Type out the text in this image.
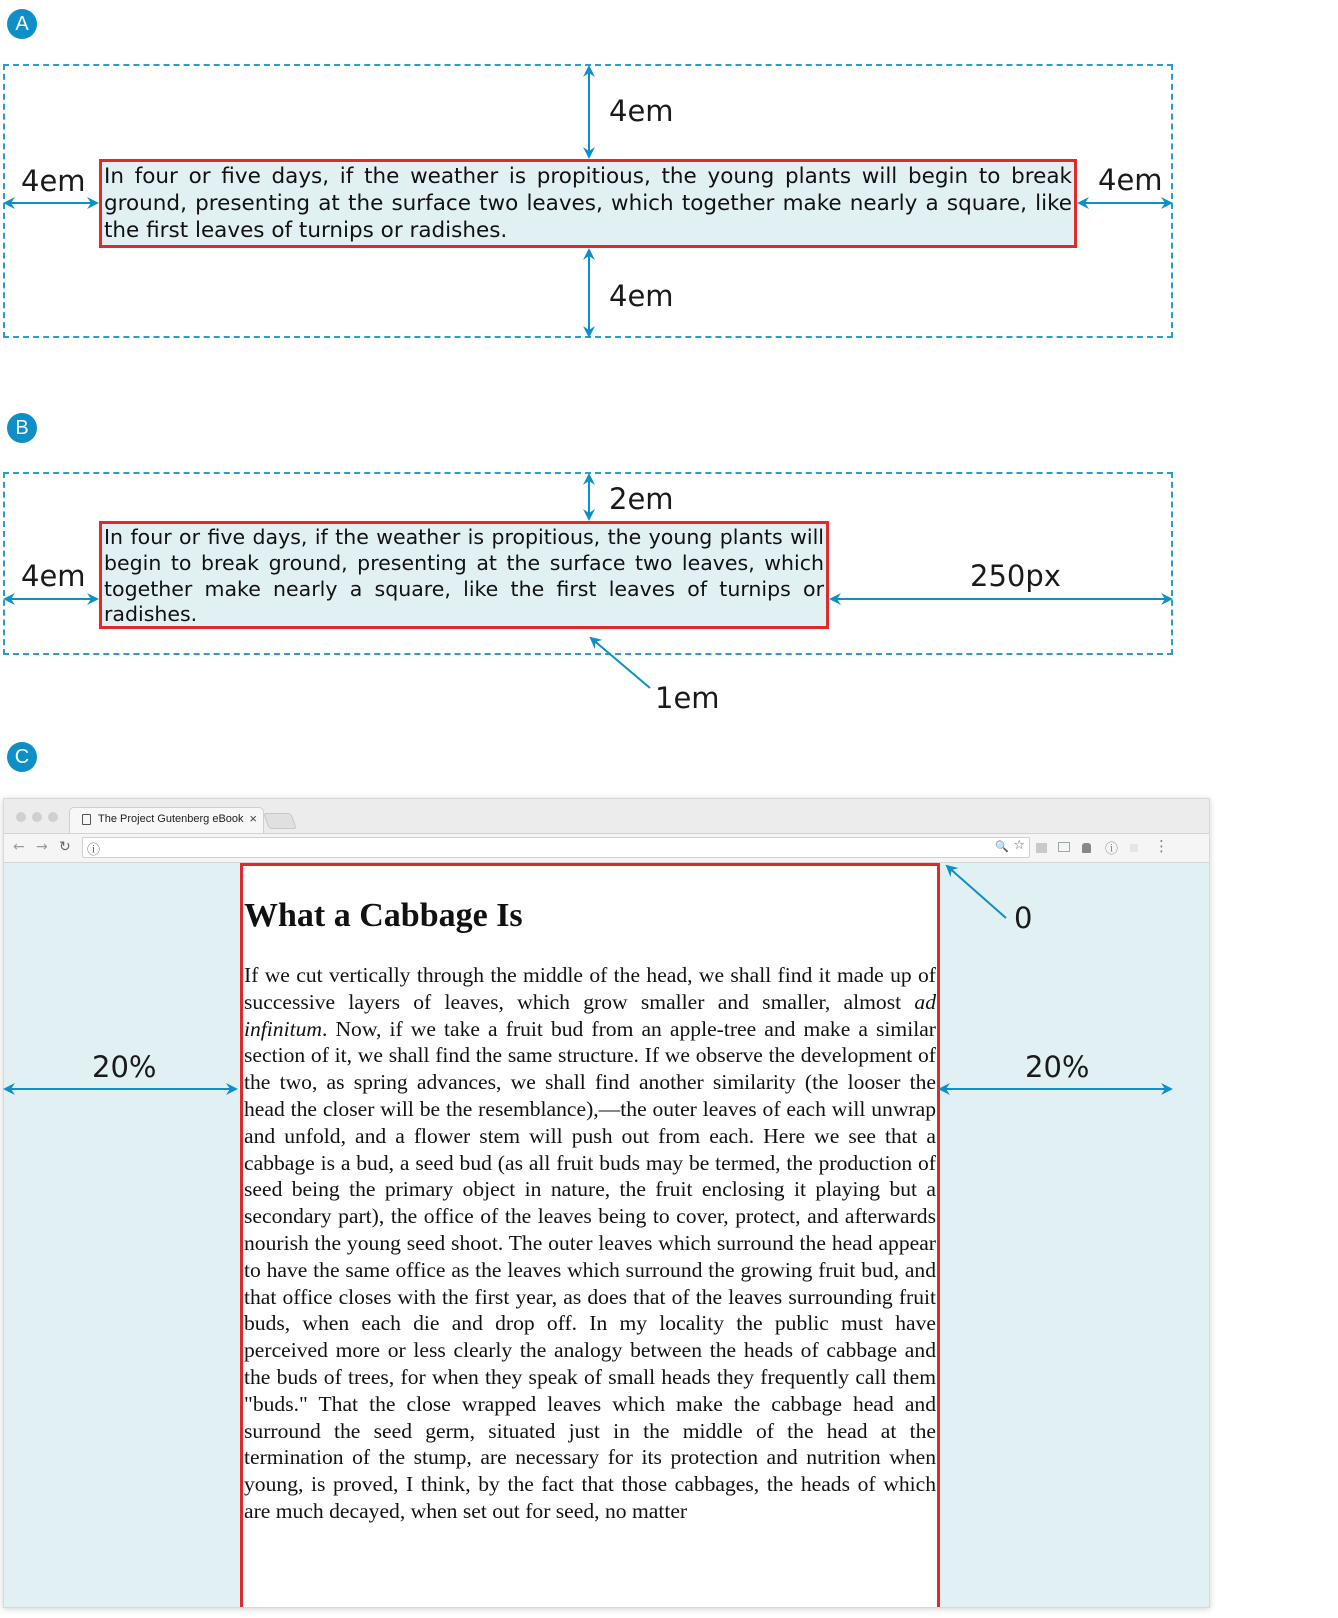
A
B
C
In four or five days, if the weather is propitious, the young plants will begin to break ground, presenting at the surface two leaves, which together make nearly a square, like the first leaves of turnips or radishes.
4em
4em
4em	4em
In four or five days, if the weather is propitious, the young plants will begin to break ground, presenting at the surface two leaves, which together make nearly a square, like the first leaves of turnips or radishes.
2em
4em	250px
1em
The Project Gutenberg eBook ×
← → ↻ ⓘ	🔍 ☆	ⓘ ⋮
What a Cabbage Is

If we cut vertically through the middle of the head, we shall find it made up of successive layers of leaves, which grow smaller and smaller, almost ad infinitum. Now, if we take a fruit bud from an apple-tree and make a similar section of it, we shall find the same structure. If we observe the development of the two, as spring advances, we shall find another similarity (the looser the head the closer will be the resemblance),—the outer leaves of each will unwrap and unfold, and a flower stem will push out from each. Here we see that a cabbage is a bud, a seed bud (as all fruit buds may be termed, the production of seed being the primary object in nature, the fruit enclosing it playing but a secondary part), the office of the leaves being to cover, protect, and afterwards nourish the young seed shoot. The outer leaves which surround the head appear to have the same office as the leaves which surround the growing fruit bud, and that office closes with the first year, as does that of the leaves surrounding fruit buds, when each die and drop off. In my locality the public must have perceived more or less clearly the analogy between the heads of cabbage and the buds of trees, for when they speak of small heads they frequently call them "buds." That the close wrapped leaves which make the cabbage head and surround the seed germ, situated just in the middle of the head at the termination of the stump, are necessary for its protection and nutrition when young, is proved, I think, by the fact that those cabbages, the heads of which are much decayed, when set out for seed, no matter

20%	20%
0
